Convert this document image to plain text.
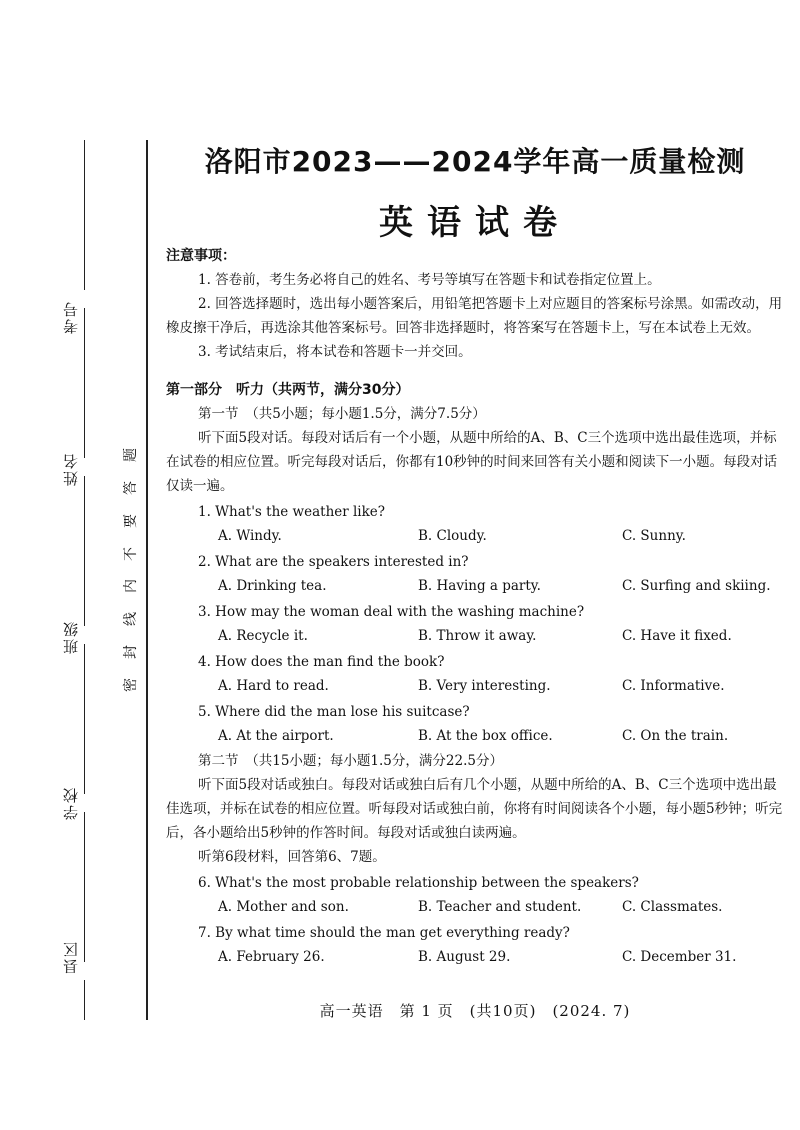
考号
姓名
班级
学校
县区
题
答
要
不
内
线
封
密
洛阳市2023——2024学年高一质量检测
英语试卷
注意事项：

1. 答卷前，考生务必将自己的姓名、考号等填写在答题卡和试卷指定位置上。

2. 回答选择题时，选出每小题答案后，用铅笔把答题卡上对应题目的答案标号涂黑。如需改动，用橡皮擦干净后，再选涂其他答案标号。回答非选择题时，将答案写在答题卡上，写在本试卷上无效。

3. 考试结束后，将本试卷和答题卡一并交回。

第一部分　听力（共两节，满分30分）
第一节　（共5小题；每小题1.5分，满分7.5分）

听下面5段对话。每段对话后有一个小题，从题中所给的A、B、C三个选项中选出最佳选项，并标在试卷的相应位置。听完每段对话后，你都有10秒钟的时间来回答有关小题和阅读下一小题。每段对话仅读一遍。

1. What's the weather like?
A. Windy.	B. Cloudy.	C. Sunny.
2. What are the speakers interested in?
A. Drinking tea.	B. Having a party.	C. Surfing and skiing.
3. How may the woman deal with the washing machine?
A. Recycle it.	B. Throw it away.	C. Have it fixed.
4. How does the man find the book?
A. Hard to read.	B. Very interesting.	C. Informative.
5. Where did the man lose his suitcase?
A. At the airport.	B. At the box office.	C. On the train.
第二节　（共15小题；每小题1.5分，满分22.5分）

听下面5段对话或独白。每段对话或独白后有几个小题，从题中所给的A、B、C三个选项中选出最佳选项，并标在试卷的相应位置。听每段对话或独白前，你将有时间阅读各个小题，每小题5秒钟；听完后，各小题给出5秒钟的作答时间。每段对话或独白读两遍。

听第6段材料，回答第6、7题。

6. What's the most probable relationship between the speakers?
A. Mother and son.	B. Teacher and student.	C. Classmates.
7. By what time should the man get everything ready?
A. February 26.	B. August 29.	C. December 31.
高一英语　第 1 页　(共10页)　(2024. 7)
